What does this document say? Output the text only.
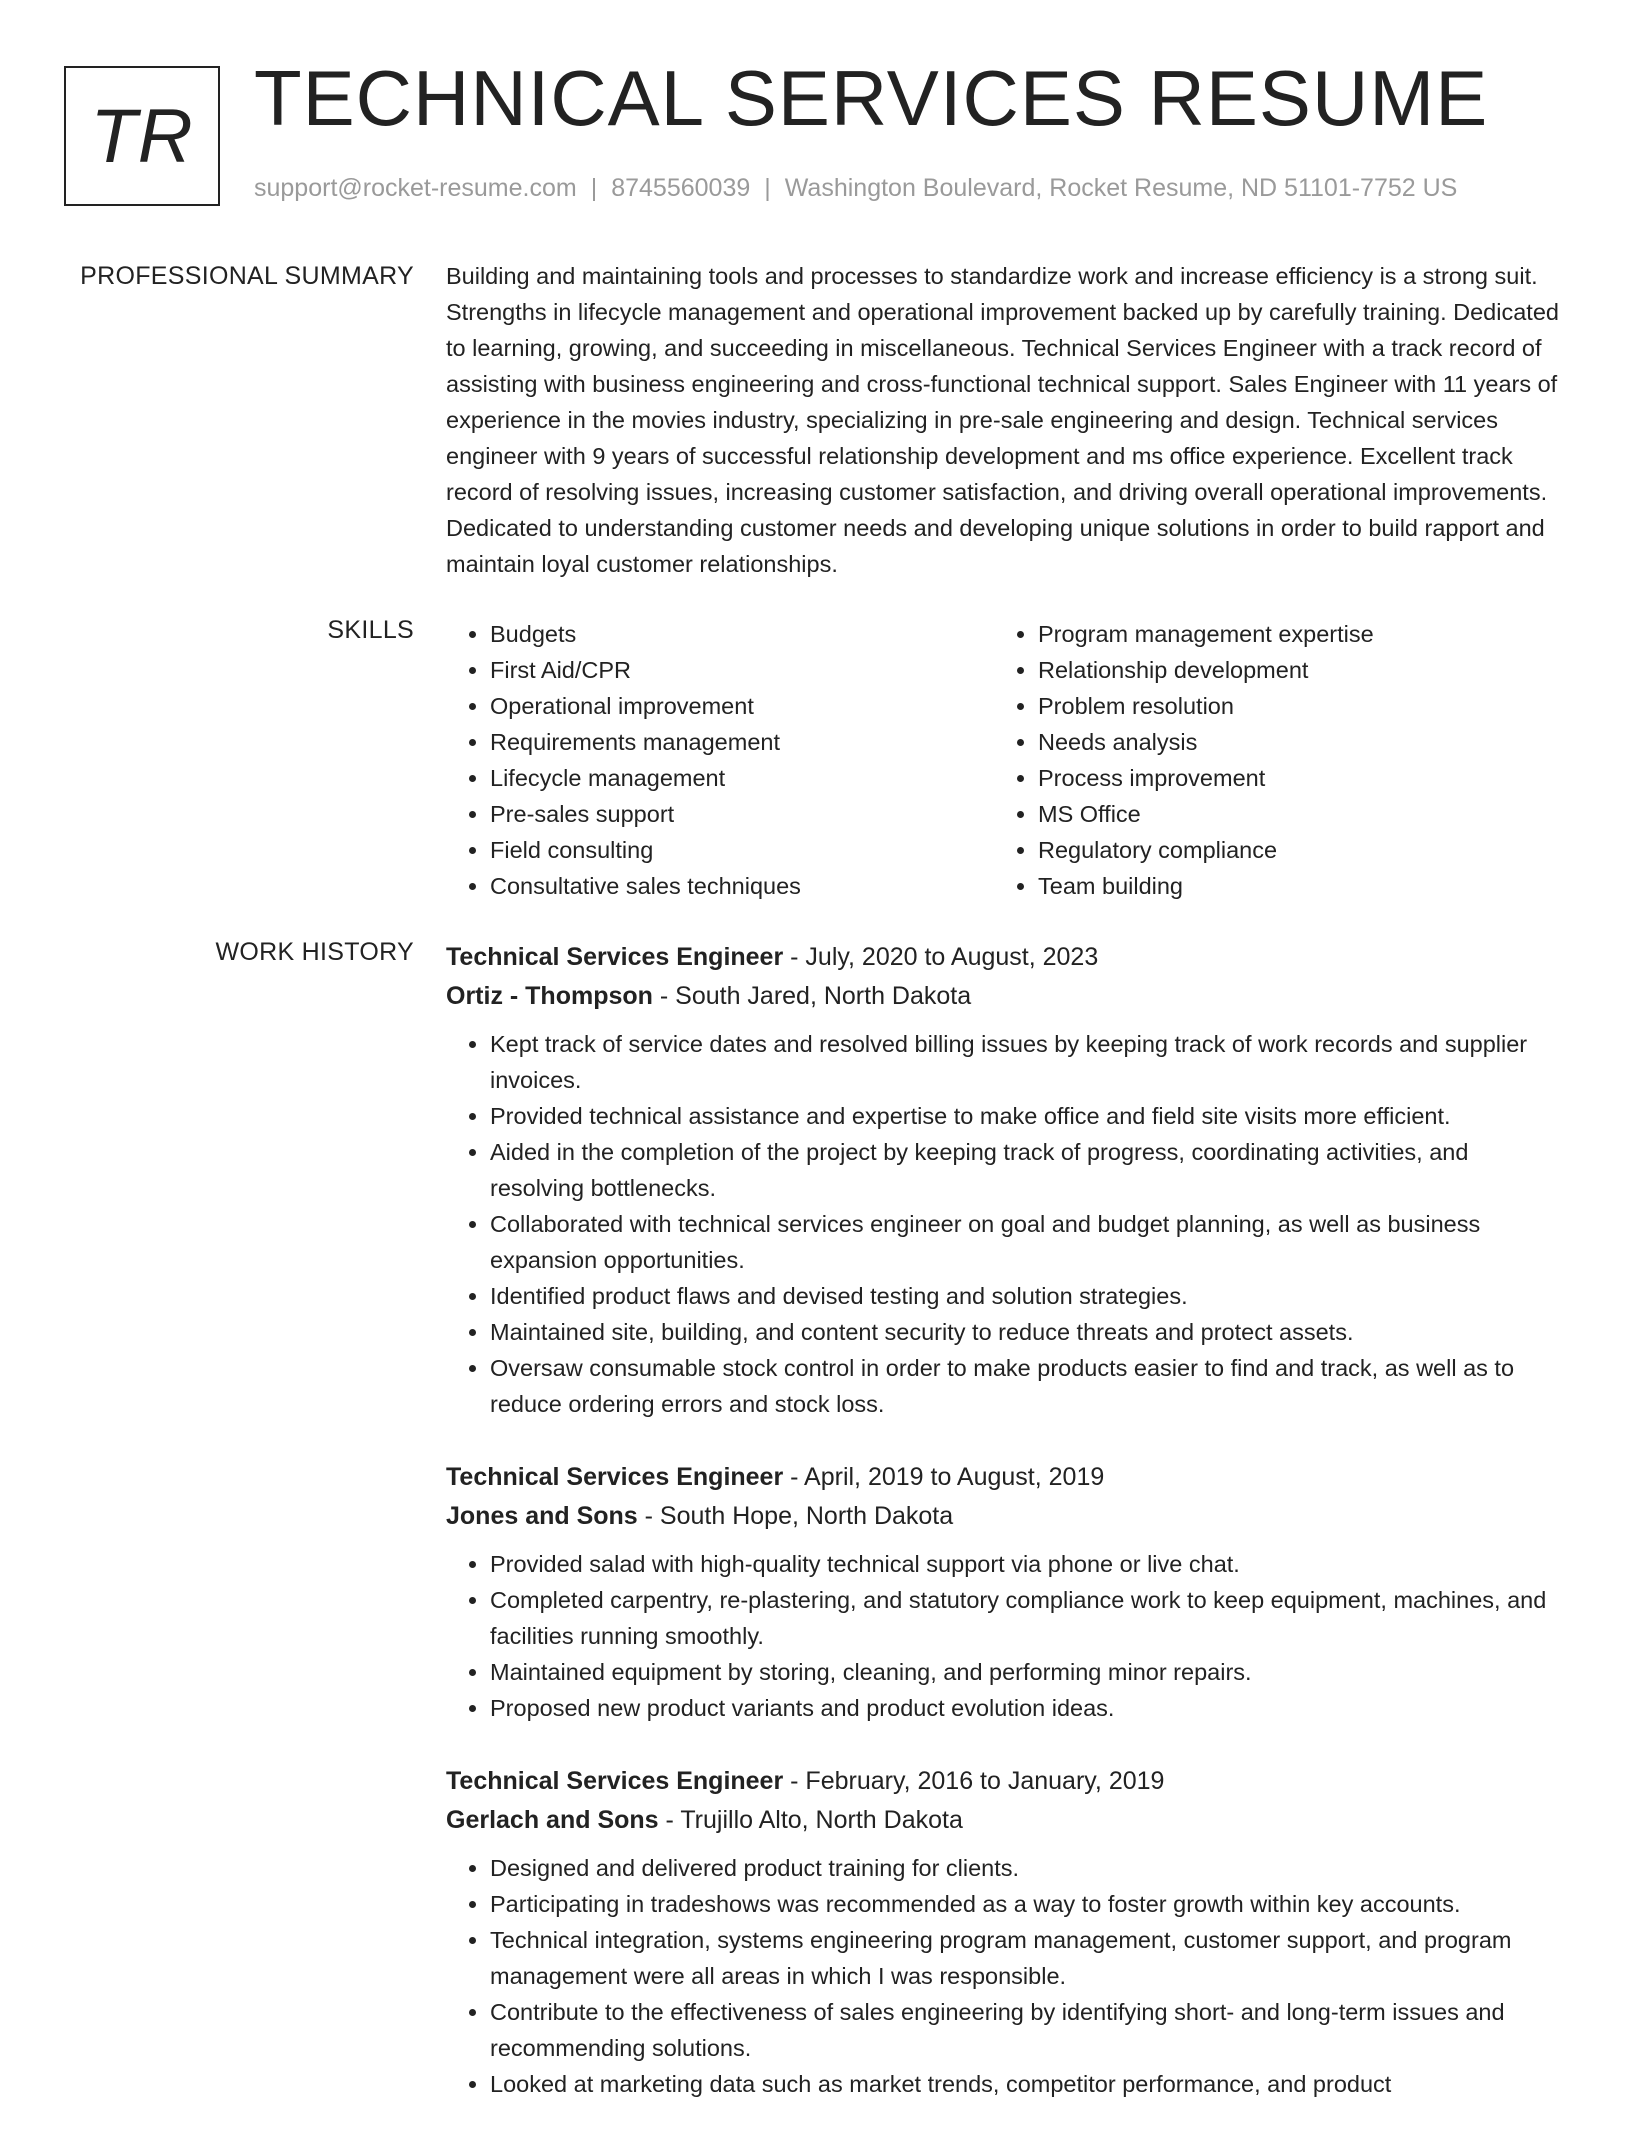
TR TECHNICAL SERVICES RESUME
support@rocket-resume.com | 8745560039 | Washington Boulevard, Rocket Resume, ND 51101-7752 US
PROFESSIONAL SUMMARY Building and maintaining tools and processes to standardize work and increase efficiency is a strong suit. Strengths in lifecycle management and operational improvement backed up by carefully training. Dedicated to learning, growing, and succeeding in miscellaneous. Technical Services Engineer with a track record of assisting with business engineering and cross-functional technical support. Sales Engineer with 11 years of experience in the movies industry, specializing in pre-sale engineering and design. Technical services engineer with 9 years of successful relationship development and ms office experience. Excellent track record of resolving issues, increasing customer satisfaction, and driving overall operational improvements. Dedicated to understanding customer needs and developing unique solutions in order to build rapport and maintain loyal customer relationships.
SKILLS
•	Budgets
• First Aid/CPR
• Operational improvement
• Requirements management
• Lifecycle management
• Pre-sales support
• Field consulting
• Consultative sales techniques
• Program management expertise
• Relationship development
• Problem resolution
• Needs analysis
• Process improvement
• MS Office
• Regulatory compliance
• Team building
WORK HISTORY Technical Services Engineer - July, 2020 to August, 2023
Ortiz - Thompson - South Jared, North Dakota
• Kept track of service dates and resolved billing issues by keeping track of work records and supplier invoices.
• Provided technical assistance and expertise to make office and field site visits more efficient.
• Aided in the completion of the project by keeping track of progress, coordinating activities, and resolving bottlenecks.
• Collaborated with technical services engineer on goal and budget planning, as well as business expansion opportunities.
• Identified product flaws and devised testing and solution strategies.
• Maintained site, building, and content security to reduce threats and protect assets.
• Oversaw consumable stock control in order to make products easier to find and track, as well as to reduce ordering errors and stock loss.
Technical Services Engineer - April, 2019 to August, 2019
Jones and Sons - South Hope, North Dakota
• Provided salad with high-quality technical support via phone or live chat.
• Completed carpentry, re-plastering, and statutory compliance work to keep equipment, machines, and facilities running smoothly.
• Maintained equipment by storing, cleaning, and performing minor repairs.
• Proposed new product variants and product evolution ideas.
Technical Services Engineer - February, 2016 to January, 2019
Gerlach and Sons - Trujillo Alto, North Dakota
• Designed and delivered product training for clients.
• Participating in tradeshows was recommended as a way to foster growth within key accounts.
• Technical integration, systems engineering program management, customer support, and program management were all areas in which I was responsible.
• Contribute to the effectiveness of sales engineering by identifying short- and long-term issues and recommending solutions.
• Looked at marketing data such as market trends, competitor performance, and product
